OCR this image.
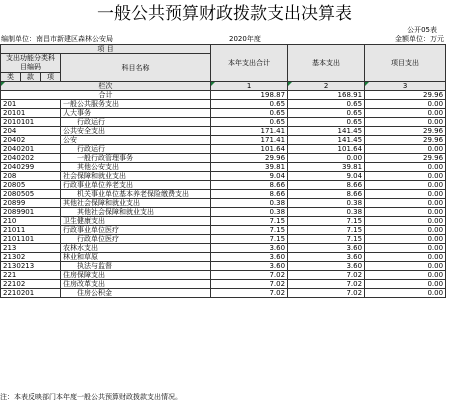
一般公共预算财政拨款支出决算表
公开05表
编制单位：南昌市新建区森林公安局	2020年度	金额单位：万元
项 目				本年支出合计	基本支出	项目支出
支出功能分类科目编码			科目名称			

类	款	项				
栏次				1	2	3
合计				198.87	168.91	29.96
201			一般公共服务支出	0.65	0.65	0.00
20101			人大事务	0.65	0.65	0.00
2010101			行政运行	0.65	0.65	0.00
204			公共安全支出	171.41	141.45	29.96
20402			公安	171.41	141.45	29.96
2040201			行政运行	101.64	101.64	0.00
2040202			一般行政管理事务	29.96	0.00	29.96
2040299			其他公安支出	39.81	39.81	0.00
208			社会保障和就业支出	9.04	9.04	0.00
20805			行政事业单位养老支出	8.66	8.66	0.00
2080505			机关事业单位基本养老保险缴费支出	8.66	8.66	0.00
20899			其他社会保障和就业支出	0.38	0.38	0.00
2089901			其他社会保障和就业支出	0.38	0.38	0.00
210			卫生健康支出	7.15	7.15	0.00
21011			行政事业单位医疗	7.15	7.15	0.00
2101101			行政单位医疗	7.15	7.15	0.00
213			农林水支出	3.60	3.60	0.00
21302			林业和草原	3.60	3.60	0.00
2130213			执法与监督	3.60	3.60	0.00
221			住房保障支出	7.02	7.02	0.00
22102			住房改革支出	7.02	7.02	0.00
2210201			住房公积金	7.02	7.02	0.00
注：本表反映部门本年度一般公共预算财政拨款支出情况。
